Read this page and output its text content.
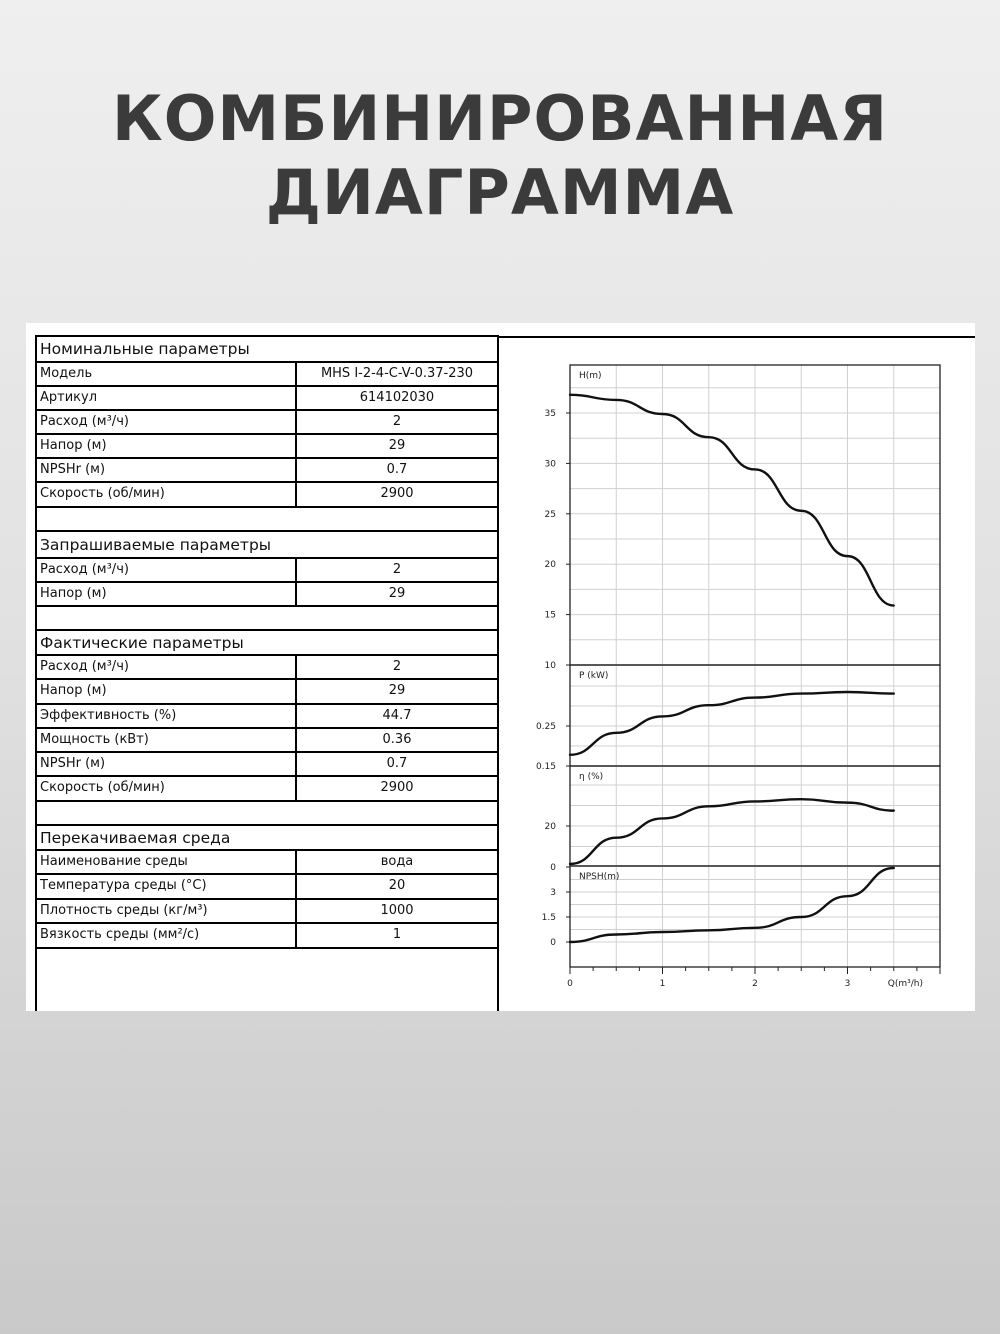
КОМБИНИРОВАННАЯ
ДИАГРАММА
Номинальные параметры
Модель	MHS I-2-4-C-V-0.37-230
Артикул	614102030
Расход (м³/ч)	2
Напор (м)	29
NPSHr (м)	0.7
Скорость (об/мин)	2900
Запрашиваемые параметры
Расход (м³/ч)	2
Напор (м)	29
Фактические параметры
Расход (м³/ч)	2
Напор (м)	29
Эффективность (%)	44.7
Мощность (кВт)	0.36
NPSHr (м)	0.7
Скорость (об/мин)	2900
Перекачиваемая среда
Наименование среды	вода
Температура среды (°C)	20
Плотность среды (кг/м³)	1000
Вязкость среды (мм²/с)	1
35
30
25
20
15
10
H(m)
0.25
0.15
P (kW)
20
0
η (%)
3
1.5
0
NPSH(m)
0	1	2	3	Q(m³/h)
